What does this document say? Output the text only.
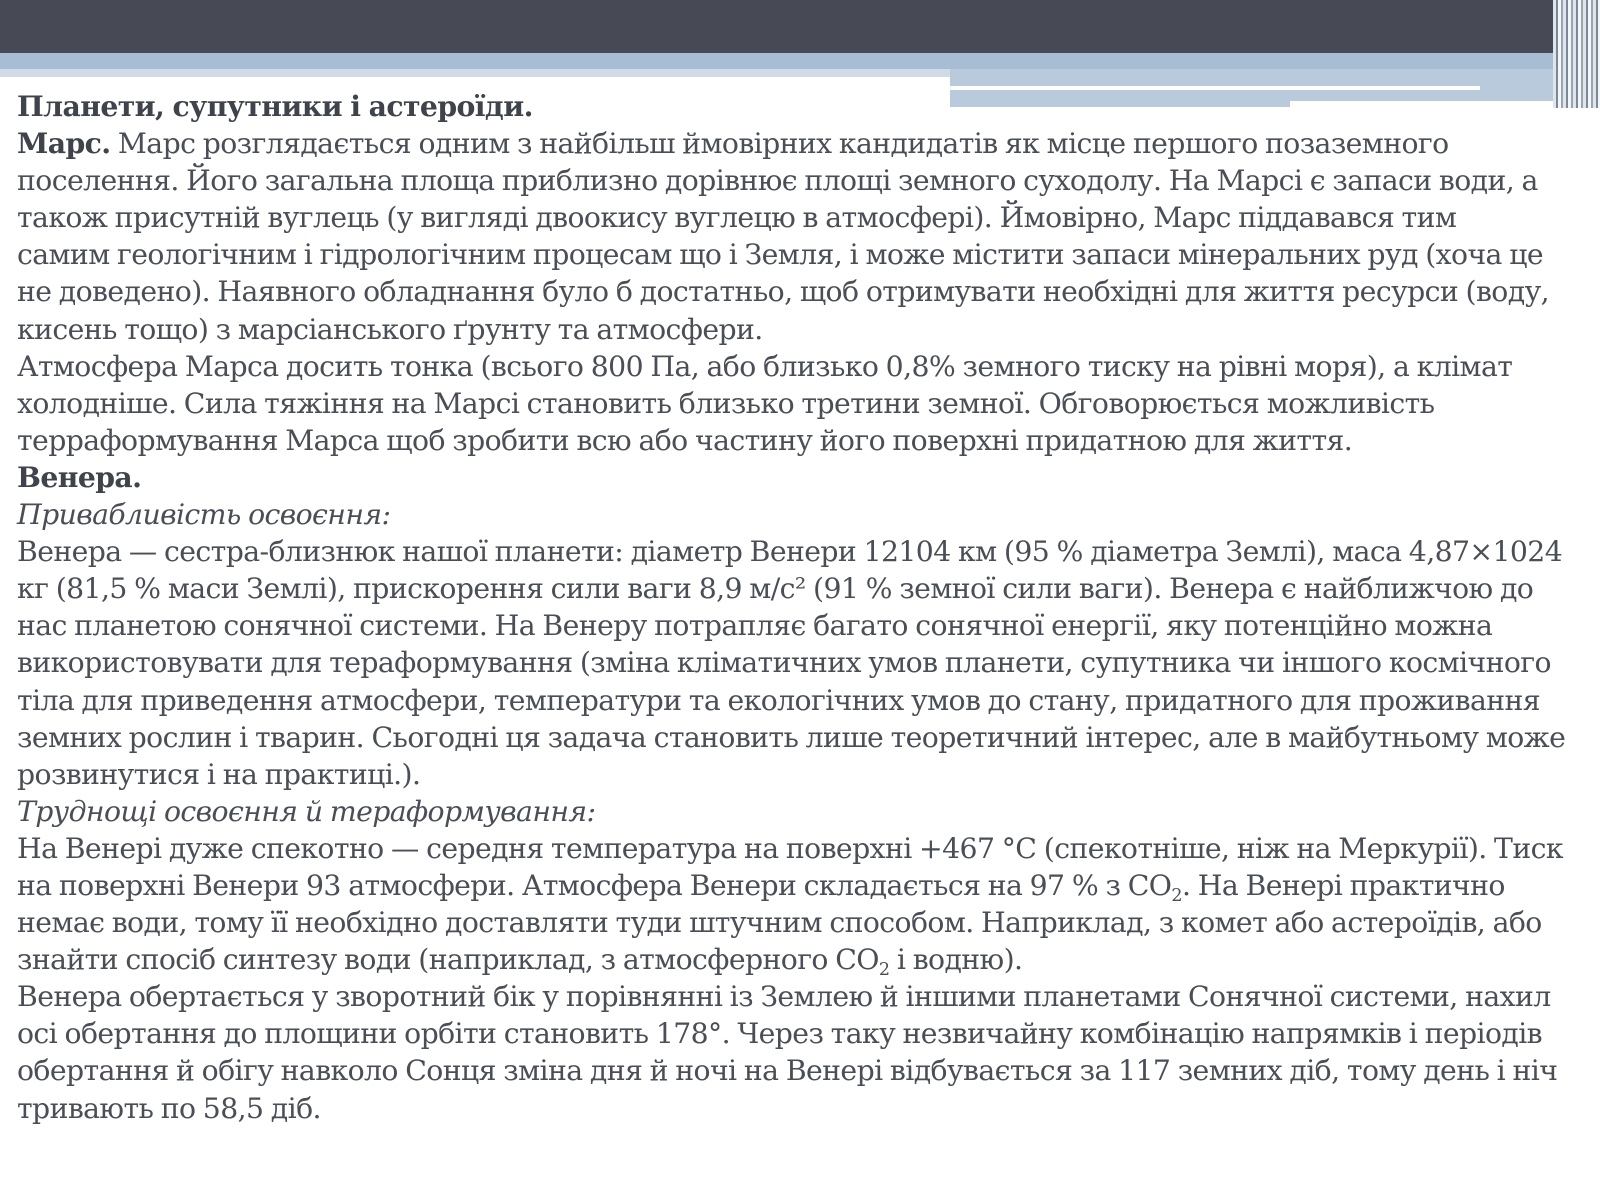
Планети, супутники і астероїди.

Марс. Марс розглядається одним з найбільш ймовірних кандидатів як місце першого позаземного

поселення. Його загальна площа приблизно дорівнює площі земного суходолу. На Марсі є запаси води, а

також присутній вуглець (у вигляді двоокису вуглецю в атмосфері). Ймовірно, Марс піддавався тим

самим геологічним і гідрологічним процесам що і Земля, і може містити запаси мінеральних руд (хоча це

не доведено). Наявного обладнання було б достатньо, щоб отримувати необхідні для життя ресурси (воду,

кисень тощо) з марсіанського ґрунту та атмосфери.

Атмосфера Марса досить тонка (всього 800 Па, або близько 0,8% земного тиску на рівні моря), а клімат

холодніше. Сила тяжіння на Марсі становить близько третини земної. Обговорюється можливість

терраформування Марса щоб зробити всю або частину його поверхні придатною для життя.

Венера.

Привабливість освоєння:

Венера — сестра-близнюк нашої планети: діаметр Венери 12104 км (95 % діаметра Землі), маса 4,87×1024

кг (81,5 % маси Землі), прискорення сили ваги 8,9 м/с² (91 % земної сили ваги). Венера є найближчою до

нас планетою сонячної системи. На Венеру потрапляє багато сонячної енергії, яку потенційно можна

використовувати для тераформування (зміна кліматичних умов планети, супутника чи іншого космічного

тіла для приведення атмосфери, температури та екологічних умов до стану, придатного для проживання

земних рослин і тварин. Сьогодні ця задача становить лише теоретичний інтерес, але в майбутньому може

розвинутися і на практиці.).

Труднощі освоєння й тераформування:

На Венері дуже спекотно — середня температура на поверхні +467 °C (спекотніше, ніж на Меркурії). Тиск

на поверхні Венери 93 атмосфери. Атмосфера Венери складається на 97 % з $CO_2$. На Венері практично

немає води, тому її необхідно доставляти туди штучним способом. Наприклад, з комет або астероїдів, або

знайти спосіб синтезу води (наприклад, з атмосферного $CO_2$ і водню).

Венера обертається у зворотний бік у порівнянні із Землею й іншими планетами Сонячної системи, нахил

осі обертання до площини орбіти становить 178°. Через таку незвичайну комбінацію напрямків і періодів

обертання й обігу навколо Сонця зміна дня й ночі на Венері відбувається за 117 земних діб, тому день і ніч

тривають по 58,5 діб.
